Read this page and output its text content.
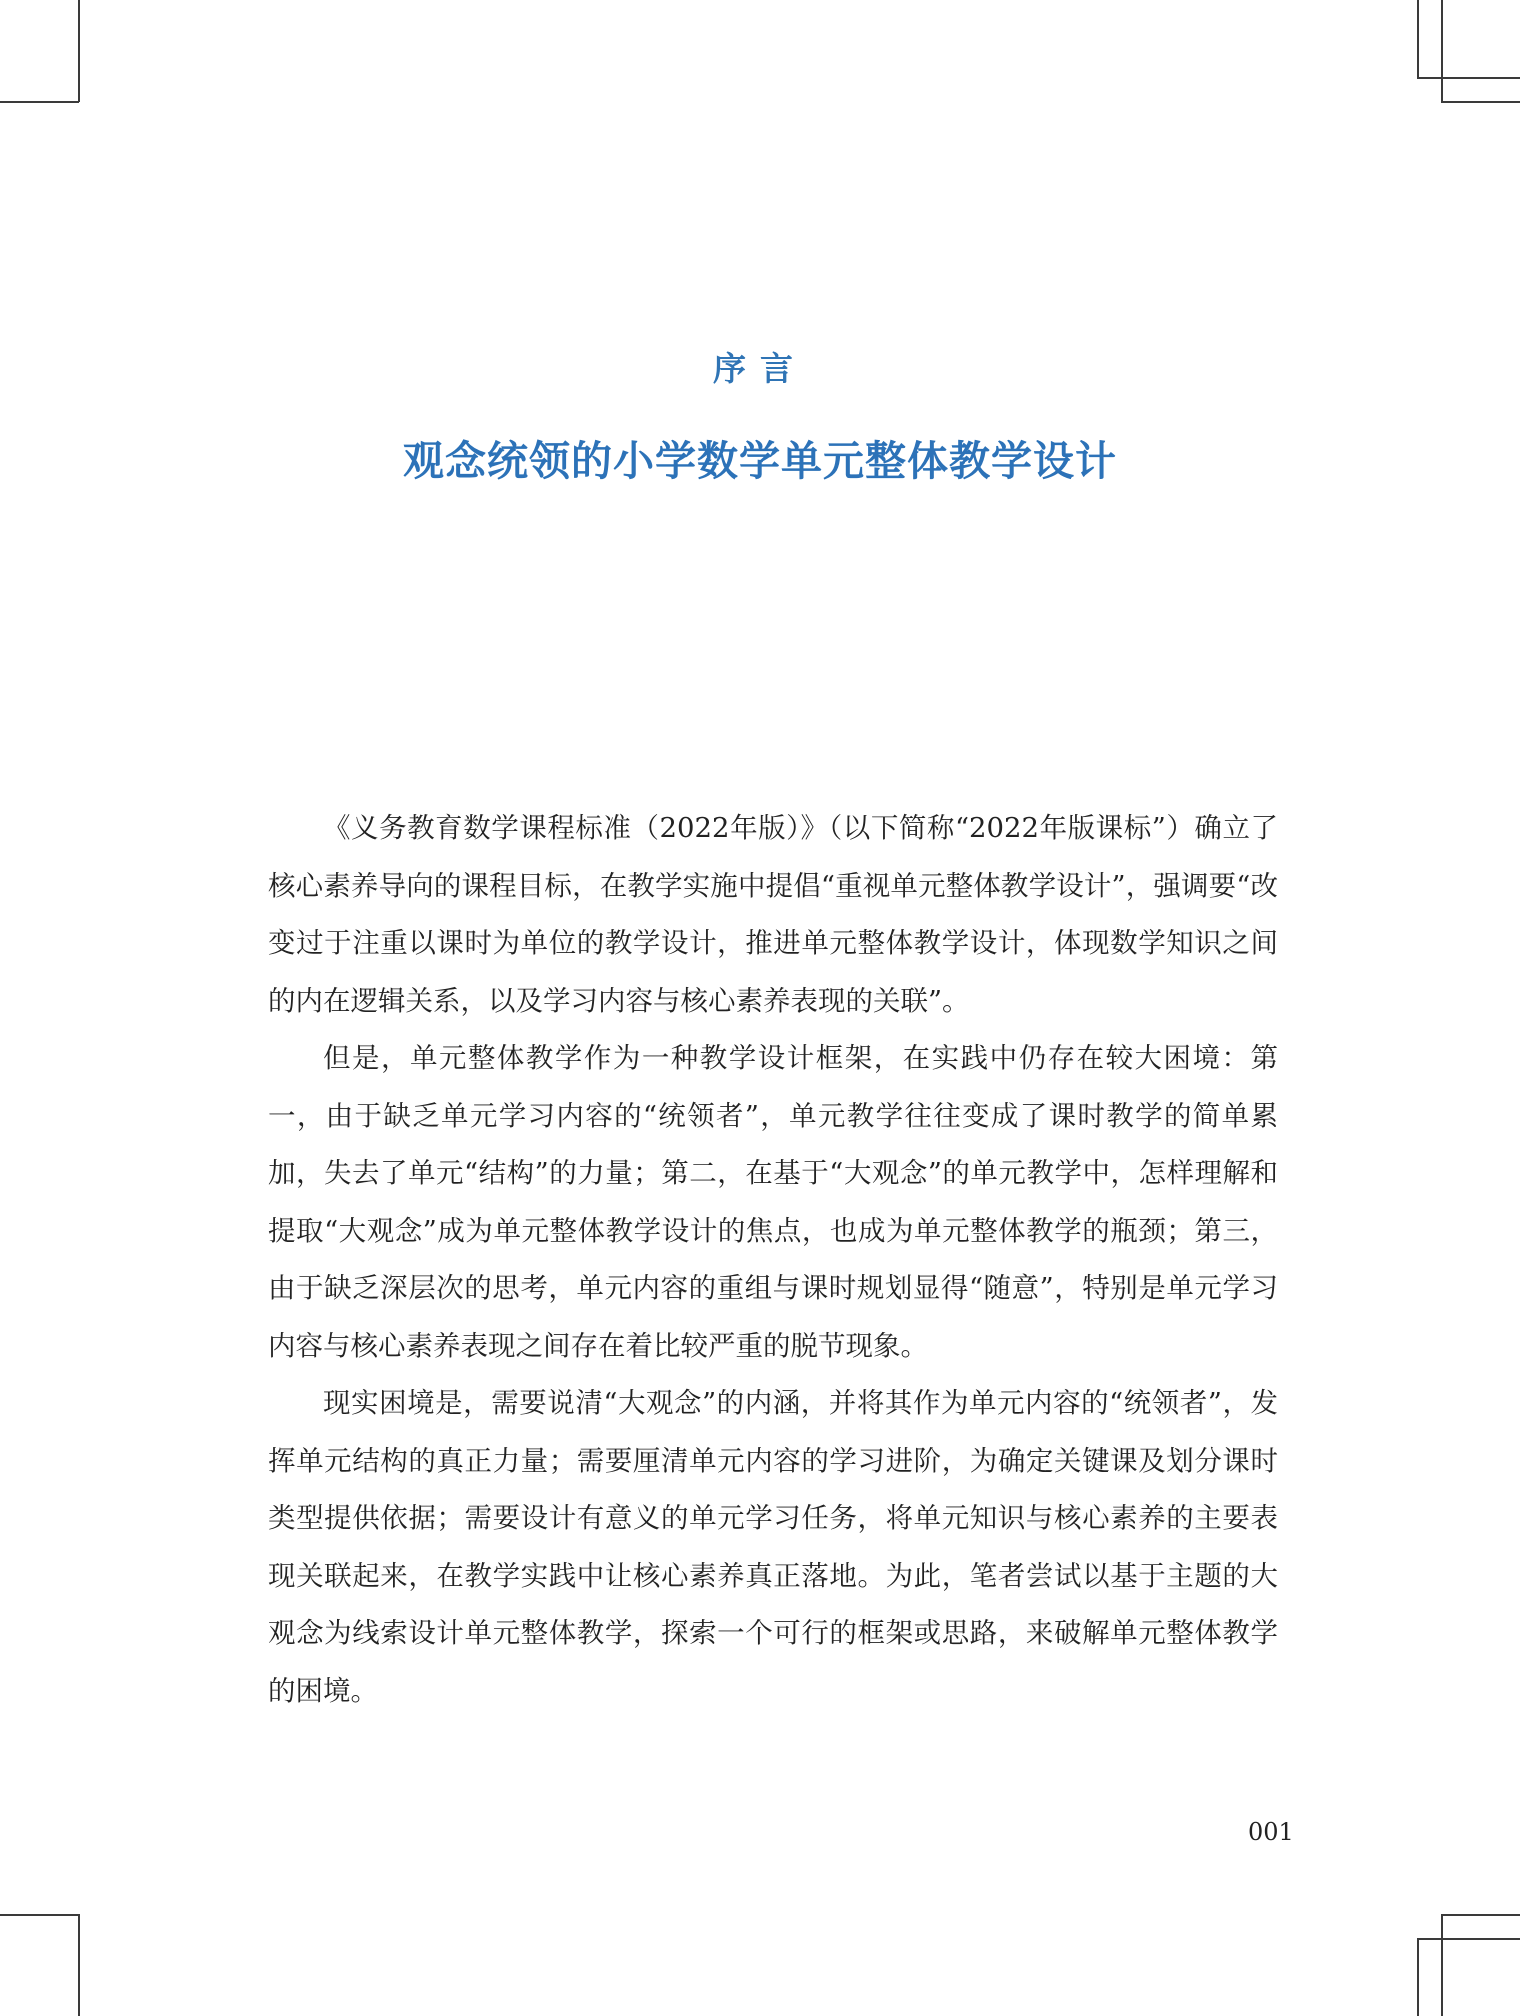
序言
观念统领的小学数学单元整体教学设计

《义务教育数学课程标准（2022年版）》（以下简称“2022年版课标”）确立了核心素养导向的课程目标，在教学实施中提倡“重视单元整体教学设计”，强调要“改变过于注重以课时为单位的教学设计，推进单元整体教学设计，体现数学知识之间的内在逻辑关系，以及学习内容与核心素养表现的关联”。

但是，单元整体教学作为一种教学设计框架，在实践中仍存在较大困境：第一，由于缺乏单元学习内容的“统领者”，单元教学往往变成了课时教学的简单累加，失去了单元“结构”的力量；第二，在基于“大观念”的单元教学中，怎样理解和提取“大观念”成为单元整体教学设计的焦点，也成为单元整体教学的瓶颈；第三，由于缺乏深层次的思考，单元内容的重组与课时规划显得“随意”，特别是单元学习内容与核心素养表现之间存在着比较严重的脱节现象。

现实困境是，需要说清“大观念”的内涵，并将其作为单元内容的“统领者”，发挥单元结构的真正力量；需要厘清单元内容的学习进阶，为确定关键课及划分课时类型提供依据；需要设计有意义的单元学习任务，将单元知识与核心素养的主要表现关联起来，在教学实践中让核心素养真正落地。为此，笔者尝试以基于主题的大观念为线索设计单元整体教学，探索一个可行的框架或思路，来破解单元整体教学的困境。

001
